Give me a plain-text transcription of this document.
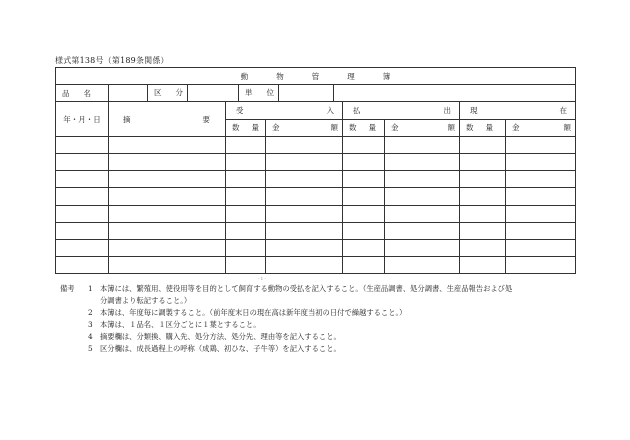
様式第138号（第189条関係）
動物管理簿							
品名	区分 単位						

年・月・日	摘要	受 入		払 出		現 在	

		数量	金 額	数量	金 額	数量	金 額

- 1 -
備考	1	本簿には、繁殖用、使役用等を目的として飼育する動物の受払を記入すること。（生産品調書、処分調書、生産品報告および処
分調書より転記すること。）
2	本簿は、年度毎に調製すること。（前年度末日の現在高は新年度当初の日付で繰越すること。）
3	本簿は、１品名、１区分ごとに１葉とすること。
4	摘要欄は、分類換、購入先、処分方法、処分先、理由等を記入すること。
5	区分欄は、成長過程上の呼称（成鶏、初ひな、子牛等）を記入すること。
